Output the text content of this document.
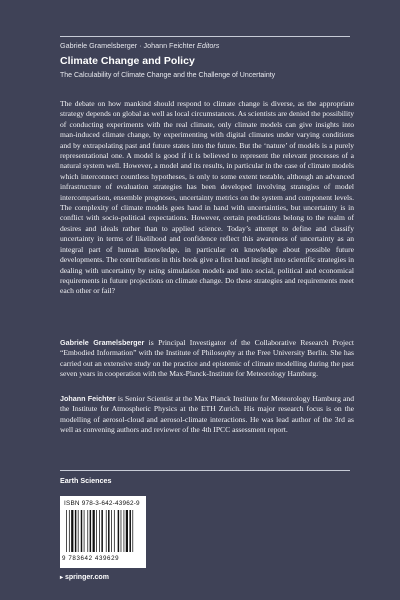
Gabriele Gramelsberger · Johann Feichter Editors
Climate Change and Policy
The Calculability of Climate Change and the Challenge of Uncertainty

The debate on how mankind should respond to climate change is diverse, as the appropriate strategy depends on global as well as local circumstances. As scientists are denied the possibility of conducting experiments with the real climate, only climate models can give insights into man-induced climate change, by experimenting with digital climates under varying conditions and by extrapolating past and future states into the future. But the ‘nature’ of models is a purely representational one. A model is good if it is believed to represent the relevant processes of a natural system well. However, a model and its results, in particular in the case of climate models which interconnect countless hypotheses, is only to some extent testable, although an advanced infrastructure of evaluation strategies has been developed involving strategies of model intercomparison, ensemble prognoses, uncertainty metrics on the system and component levels. The complexity of climate models goes hand in hand with uncertainties, but uncertainty is in conflict with socio-political expectations. However, certain predictions belong to the realm of desires and ideals rather than to applied science. Today’s attempt to define and classify uncertainty in terms of likelihood and confidence reflect this awareness of uncertainty as an integral part of human knowledge, in particular on knowledge about possible future developments. The contributions in this book give a first hand insight into scientific strategies in dealing with uncertainty by using simulation models and into social, political and economical requirements in future projections on climate change. Do these strategies and requirements meet each other or fail?

Gabriele Gramelsberger is Principal Investigator of the Collaborative Research Project “Embodied Information” with the Institute of Philosophy at the Free University Berlin. She has carried out an extensive study on the practice and epistemic of climate modelling during the past seven years in cooperation with the Max-Planck-Institute for Meteorology Hamburg.

Johann Feichter is Senior Scientist at the Max Planck Institute for Meteorology Hamburg and the Institute for Atmospheric Physics at the ETH Zurich. His major research focus is on the modelling of aerosol-cloud and aerosol-climate interactions. He was lead author of the 3rd as well as convening authors and reviewer of the 4th IPCC assessment report.

Earth Sciences
ISBN 978-3-642-43962-9
9 783642 439629
▸ springer.com
